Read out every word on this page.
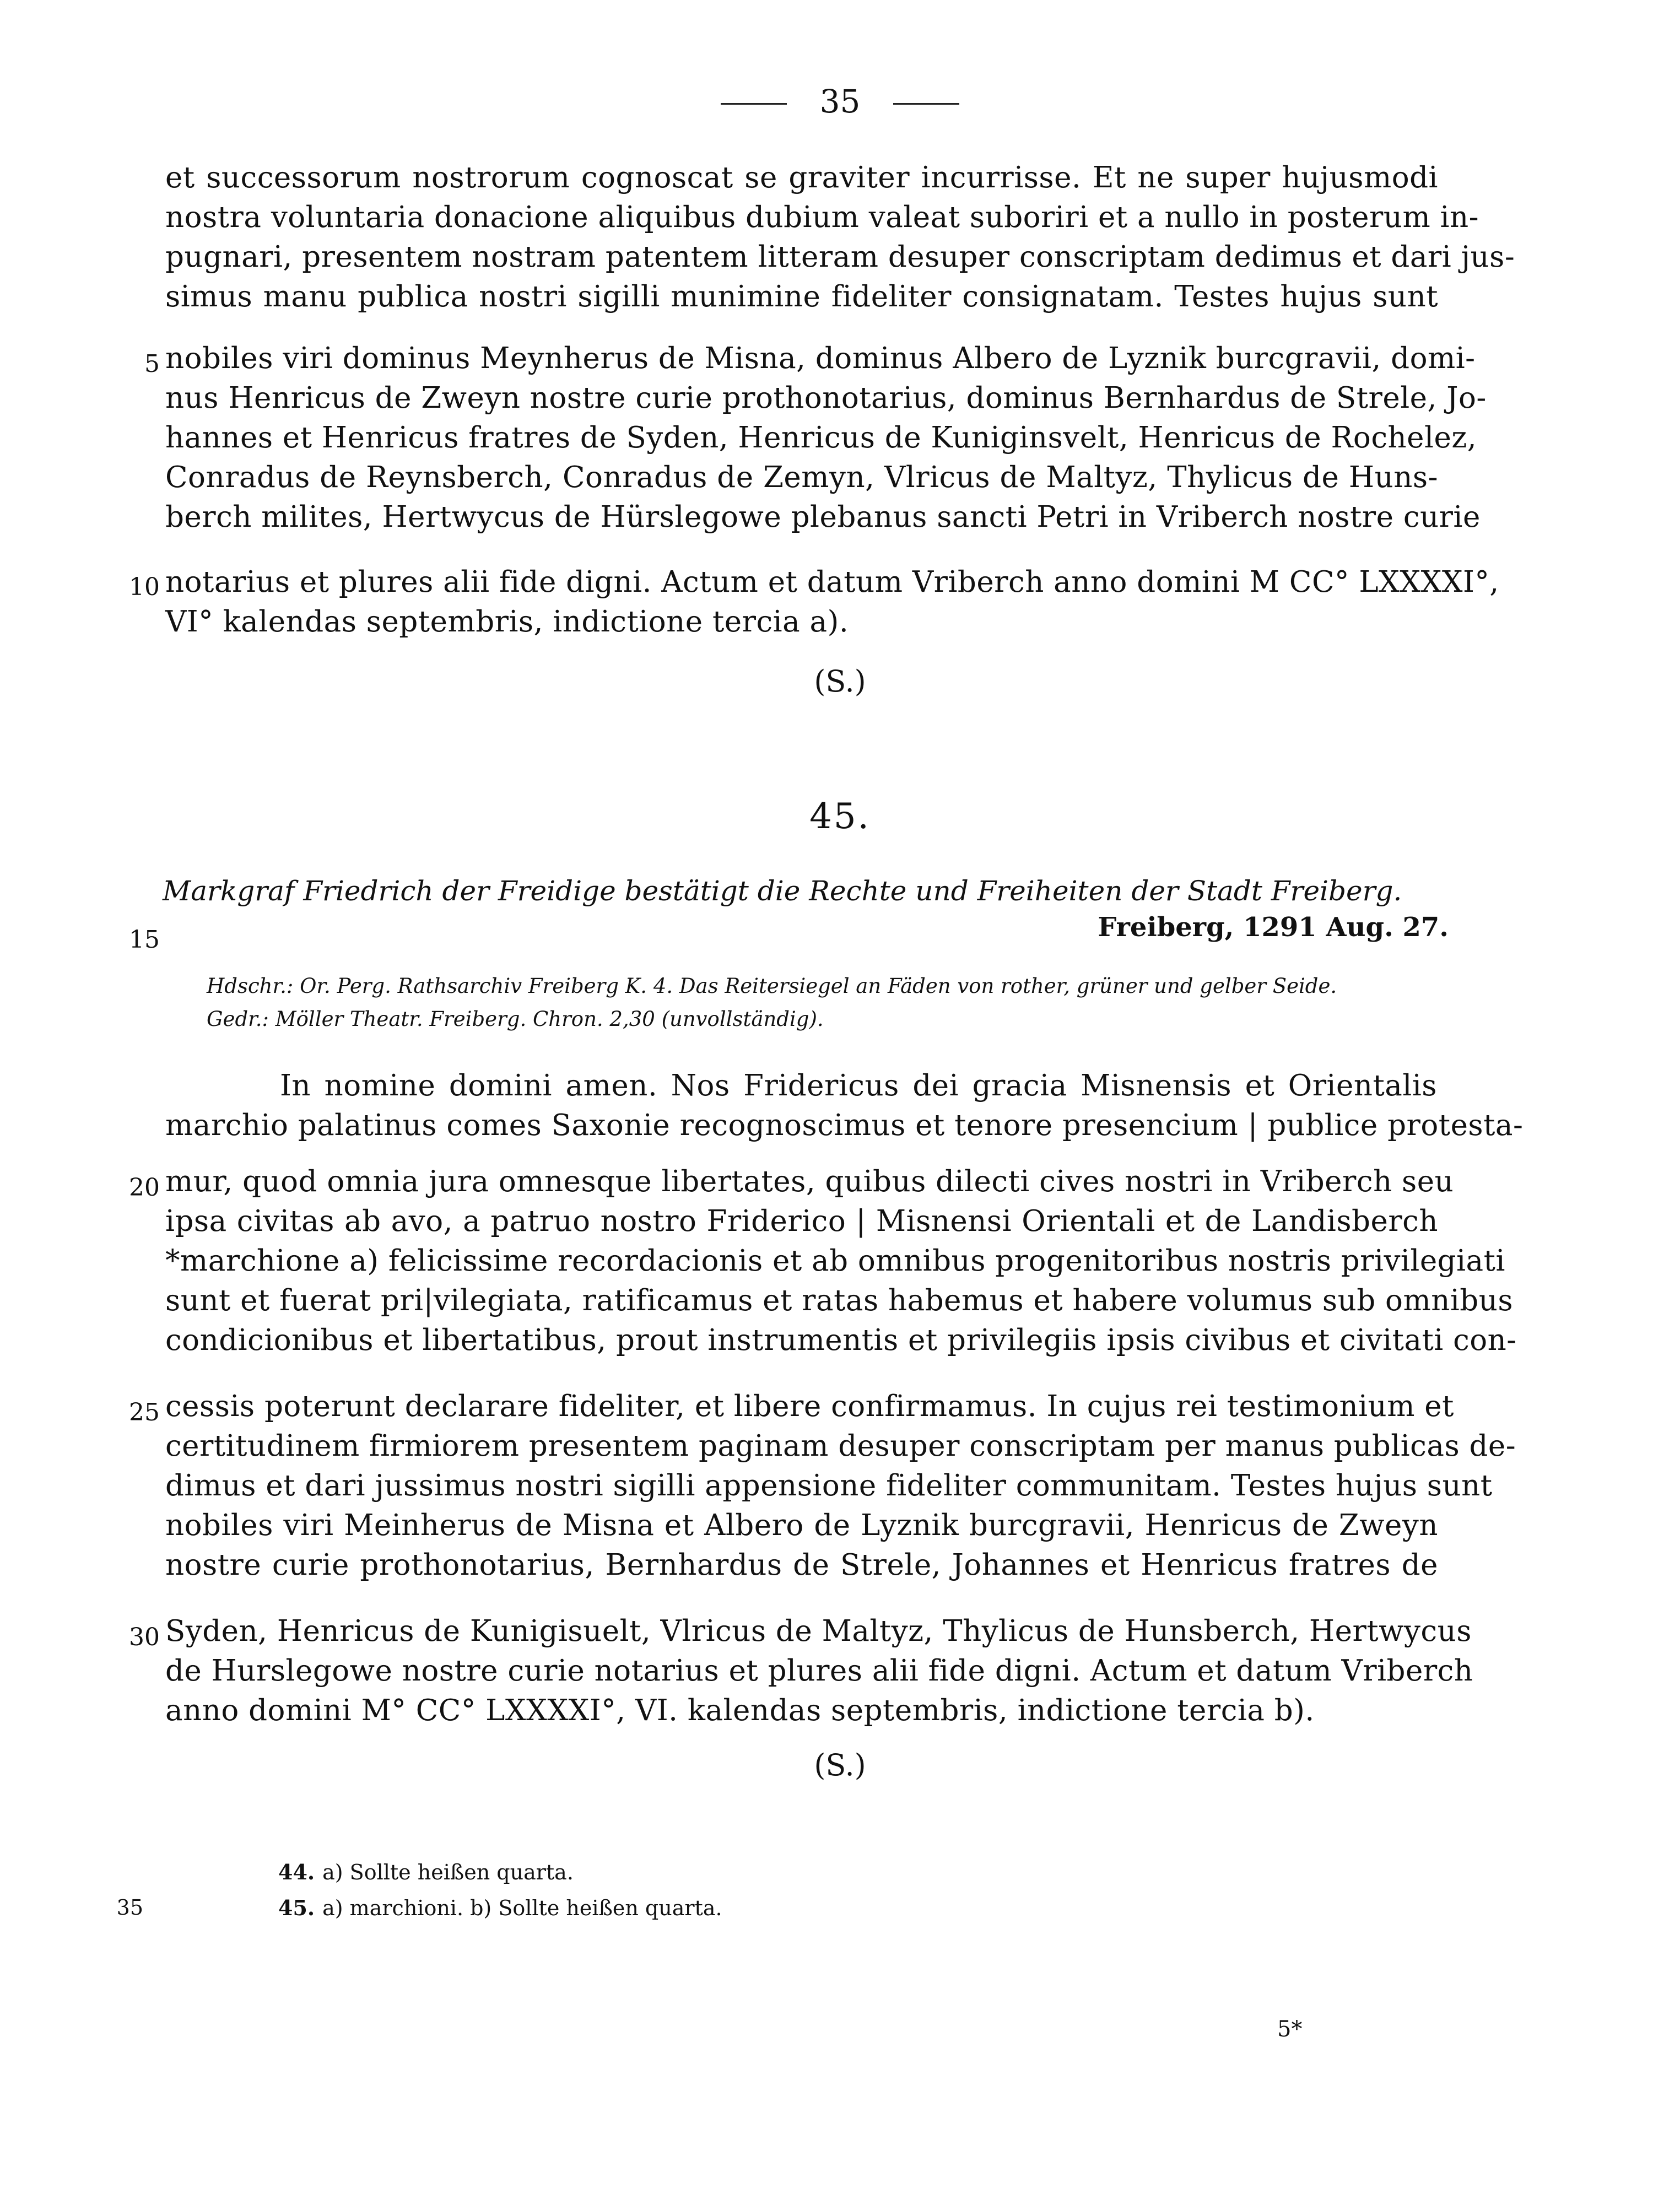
35
5
10
et successorum nostrorum cognoscat se graviter incurrisse. Et ne super hujusmodi
nostra voluntaria donacione aliquibus dubium valeat suboriri et a nullo in posterum in-
pugnari, presentem nostram patentem litteram desuper conscriptam dedimus et dari jus-
simus manu publica nostri sigilli munimine fideliter consignatam. Testes hujus sunt
nobiles viri dominus Meynherus de Misna, dominus Albero de Lyznik burcgravii, domi-
nus Henricus de Zweyn nostre curie prothonotarius, dominus Bernhardus de Strele, Jo-
hannes et Henricus fratres de Syden, Henricus de Kuniginsvelt, Henricus de Rochelez,
Conradus de Reynsberch, Conradus de Zemyn, Vlricus de Maltyz, Thylicus de Huns-
berch milites, Hertwycus de Hürslegowe plebanus sancti Petri in Vriberch nostre curie
notarius et plures alii fide digni. Actum et datum Vriberch anno domini M CC° LXXXXI°,
VI° kalendas septembris, indictione tercia a).
(S.)
45.
Markgraf Friedrich der Freidige bestätigt die Rechte und Freiheiten der Stadt Freiberg.
15	Freiberg, 1291 Aug. 27.
Hdschr.: Or. Perg. Rathsarchiv Freiberg K. 4. Das Reitersiegel an Fäden von rother, grüner und gelber Seide.
Gedr.: Möller Theatr. Freiberg. Chron. 2,30 (unvollständig).
20
25
30
In nomine domini amen. Nos Fridericus dei gracia Misnensis et Orientalis
marchio palatinus comes Saxonie recognoscimus et tenore presencium | publice protesta-
mur, quod omnia jura omnesque libertates, quibus dilecti cives nostri in Vriberch seu
ipsa civitas ab avo, a patruo nostro Friderico | Misnensi Orientali et de Landisberch
*marchione a) felicissime recordacionis et ab omnibus progenitoribus nostris privilegiati
sunt et fuerat pri|vilegiata, ratificamus et ratas habemus et habere volumus sub omnibus
condicionibus et libertatibus, prout instrumentis et privilegiis ipsis civibus et civitati con-
cessis poterunt declarare fideliter, et libere confirmamus. In cujus rei testimonium et
certitudinem firmiorem presentem paginam desuper conscriptam per manus publicas de-
dimus et dari jussimus nostri sigilli appensione fideliter communitam. Testes hujus sunt
nobiles viri Meinherus de Misna et Albero de Lyznik burcgravii, Henricus de Zweyn
nostre curie prothonotarius, Bernhardus de Strele, Johannes et Henricus fratres de
Syden, Henricus de Kunigisuelt, Vlricus de Maltyz, Thylicus de Hunsberch, Hertwycus
de Hurslegowe nostre curie notarius et plures alii fide digni. Actum et datum Vriberch
anno domini M° CC° LXXXXI°, VI. kalendas septembris, indictione tercia b).
(S.)
44. a) Sollte heißen quarta.
35	45. a) marchioni. b) Sollte heißen quarta.
5*
